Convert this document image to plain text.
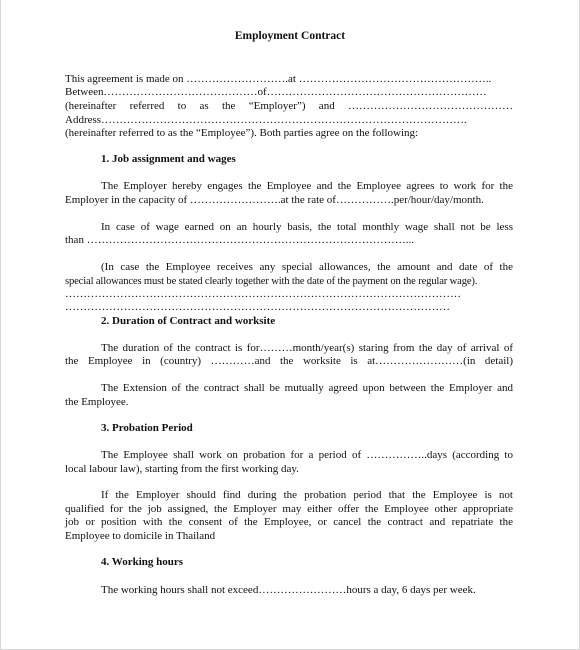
Employment Contract
This agreement is made on ……………………….at ……………………………………………..
Between……………………………………of……………………………………………………
(hereinafter referred to as the “Employer”) and ………………………………………
Address……………………………………………………………………………………….
(hereinafter referred to as the “Employee”). Both parties agree on the following:
1. Job assignment and wages
The Employer hereby engages the Employee and the Employee agrees to work for the
Employer in the capacity of …………………….at the rate of…………….per/hour/day/month.
In case of wage earned on an hourly basis, the total monthly wage shall not be less
than ……………………………………………………………………………...
(In case the Employee receives any special allowances, the amount and date of the
special allowances must be stated clearly together with the date of the payment on the regular wage).
………………………………………………………………………………………………
……………………………………………………………………………………………
2. Duration of Contract and worksite
The duration of the contract is for………month/year(s) staring from the day of arrival of
the Employee in (country) …………and the worksite is at……………………(in detail)
The Extension of the contract shall be mutually agreed upon between the Employer and
the Employee.
3. Probation Period
The Employee shall work on probation for a period of ……………..days (according to
local labour law), starting from the first working day.
If the Employer should find during the probation period that the Employee is not
qualified for the job assigned, the Employer may either offer the Employee other appropriate
job or position with the consent of the Employee, or cancel the contract and repatriate the
Employee to domicile in Thailand
4. Working hours
The working hours shall not exceed……………………hours a day, 6 days per week.
